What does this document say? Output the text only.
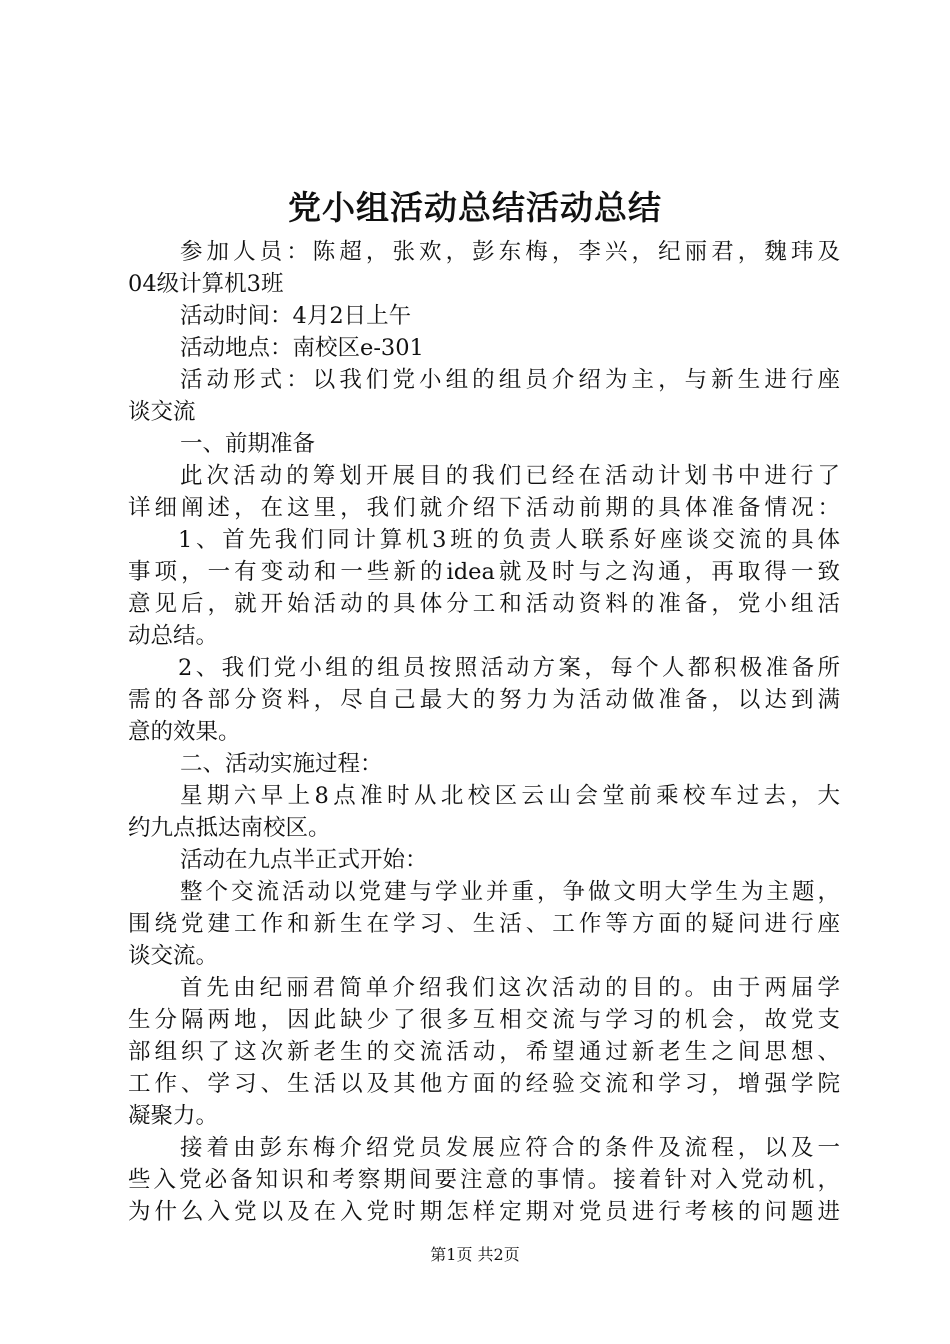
党小组活动总结活动总结
参加人员：陈超，张欢，彭东梅，李兴，纪丽君，魏玮及
04级计算机3班
活动时间：4月2日上午
活动地点：南校区e-301
活动形式：以我们党小组的组员介绍为主，与新生进行座
谈交流
一、前期准备
此次活动的筹划开展目的我们已经在活动计划书中进行了
详细阐述，在这里，我们就介绍下活动前期的具体准备情况：
1、首先我们同计算机3班的负责人联系好座谈交流的具体
事项，一有变动和一些新的idea就及时与之沟通，再取得一致
意见后，就开始活动的具体分工和活动资料的准备，党小组活
动总结。
2、我们党小组的组员按照活动方案，每个人都积极准备所
需的各部分资料，尽自己最大的努力为活动做准备，以达到满
意的效果。
二、活动实施过程：
星期六早上8点准时从北校区云山会堂前乘校车过去，大
约九点抵达南校区。
活动在九点半正式开始：
整个交流活动以党建与学业并重，争做文明大学生为主题，
围绕党建工作和新生在学习、生活、工作等方面的疑问进行座
谈交流。
首先由纪丽君简单介绍我们这次活动的目的。由于两届学
生分隔两地，因此缺少了很多互相交流与学习的机会，故党支
部组织了这次新老生的交流活动，希望通过新老生之间思想、
工作、学习、生活以及其他方面的经验交流和学习，增强学院
凝聚力。
接着由彭东梅介绍党员发展应符合的条件及流程，以及一
些入党必备知识和考察期间要注意的事情。接着针对入党动机，
为什么入党以及在入党时期怎样定期对党员进行考核的问题进
第1页 共2页
